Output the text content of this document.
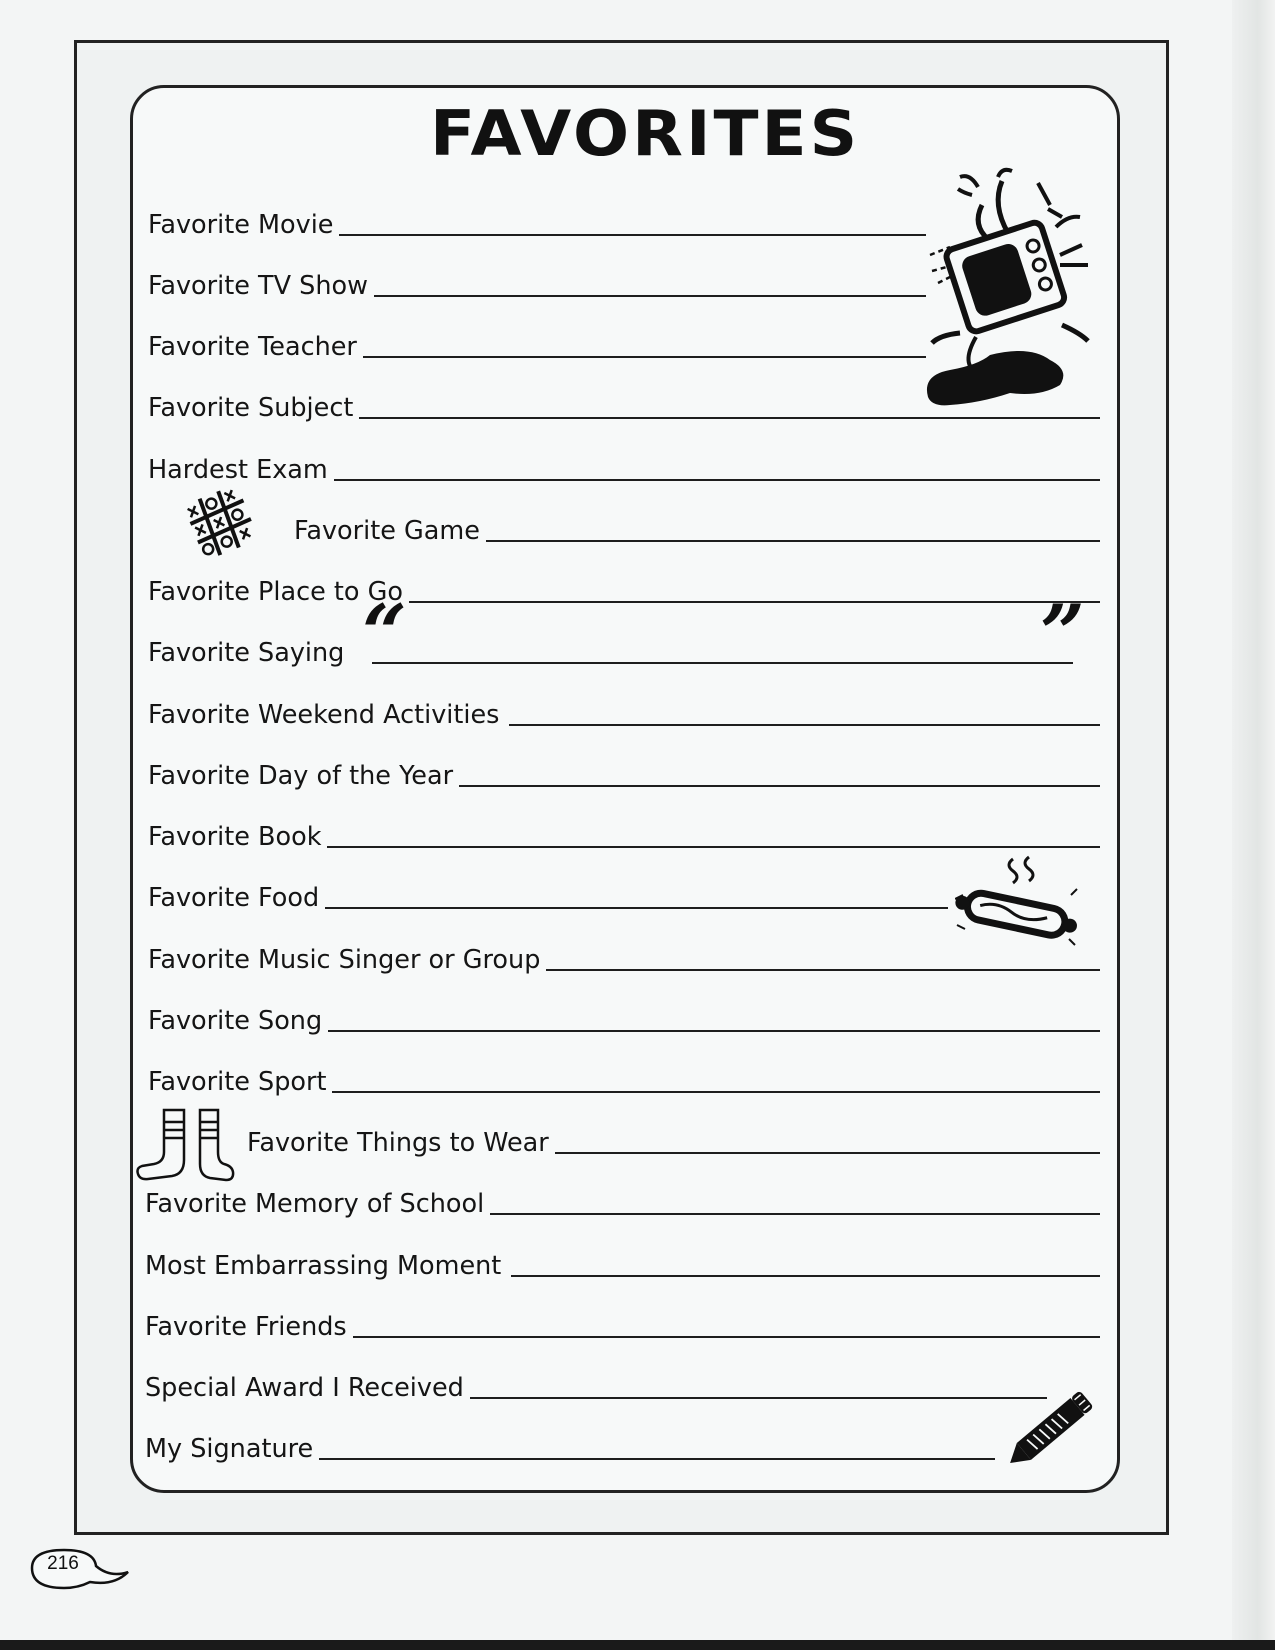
FAVORITES
Favorite Movie
Favorite TV Show
Favorite Teacher
Favorite Subject
Hardest Exam
Favorite Game
Favorite Place to Go
Favorite Saying
Favorite Weekend Activities
Favorite Day of the Year
Favorite Book
Favorite Food
Favorite Music Singer or Group
Favorite Song
Favorite Sport
Favorite Things to Wear
Favorite Memory of School
Most Embarrassing Moment
Favorite Friends
Special Award I Received
My Signature
“	”
216
